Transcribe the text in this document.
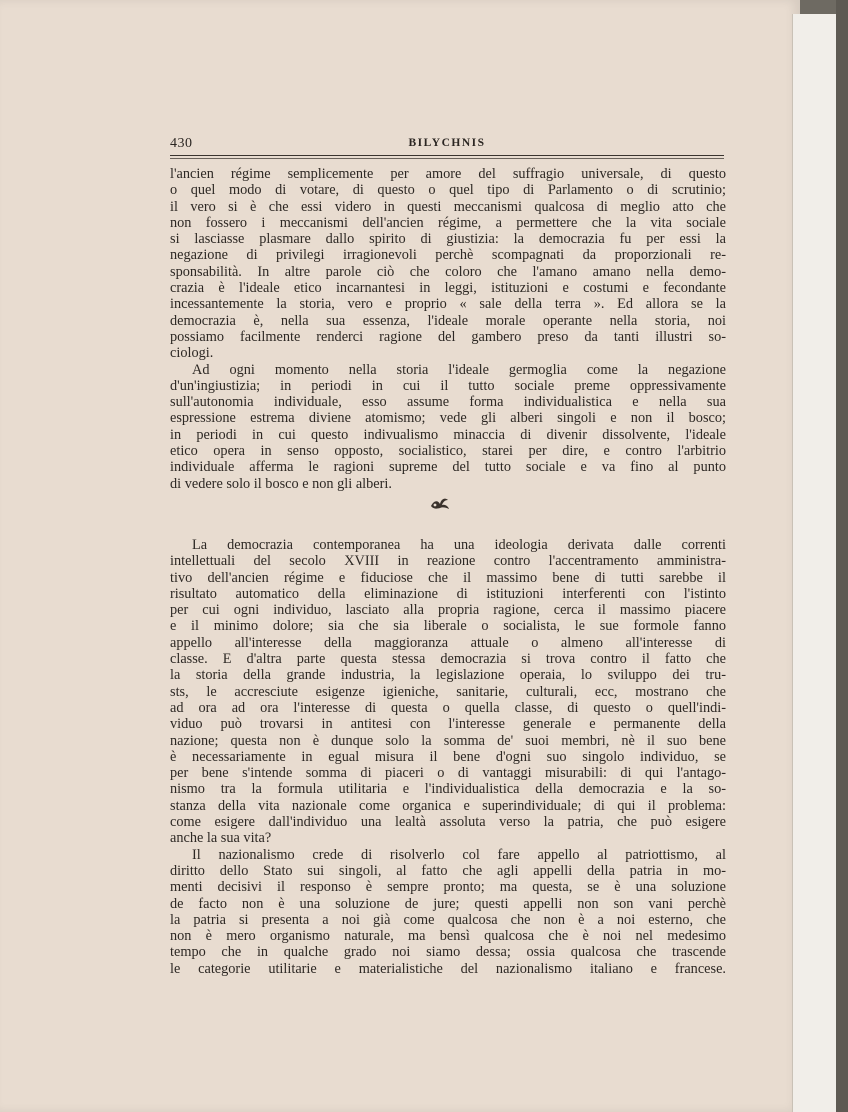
430	BILYCHNIS
l'ancien régime semplicemente per amore del suffragio universale, di questo
o quel modo di votare, di questo o quel tipo di Parlamento o di scrutinio;
il vero si è che essi videro in questi meccanismi qualcosa di meglio atto che
non fossero i meccanismi dell'ancien régime, a permettere che la vita sociale
si lasciasse plasmare dallo spirito di giustizia: la democrazia fu per essi la
negazione di privilegi irragionevoli perchè scompagnati da proporzionali re-
sponsabilità. In altre parole ciò che coloro che l'amano amano nella demo-
crazia è l'ideale etico incarnantesi in leggi, istituzioni e costumi e fecondante
incessantemente la storia, vero e proprio « sale della terra ». Ed allora se la
democrazia è, nella sua essenza, l'ideale morale operante nella storia, noi
possiamo facilmente renderci ragione del gambero preso da tanti illustri so-
ciologi.
Ad ogni momento nella storia l'ideale germoglia come la negazione
d'un'ingiustizia; in periodi in cui il tutto sociale preme oppressivamente
sull'autonomia individuale, esso assume forma individualistica e nella sua
espressione estrema diviene atomismo; vede gli alberi singoli e non il bosco;
in periodi in cui questo indivualismo minaccia di divenir dissolvente, l'ideale
etico opera in senso opposto, socialistico, starei per dire, e contro l'arbitrio
individuale afferma le ragioni supreme del tutto sociale e va fino al punto
di vedere solo il bosco e non gli alberi.
La democrazia contemporanea ha una ideologia derivata dalle correnti
intellettuali del secolo XVIII in reazione contro l'accentramento amministra-
tivo dell'ancien régime e fiduciose che il massimo bene di tutti sarebbe il
risultato automatico della eliminazione di istituzioni interferenti con l'istinto
per cui ogni individuo, lasciato alla propria ragione, cerca il massimo piacere
e il minimo dolore; sia che sia liberale o socialista, le sue formole fanno
appello all'interesse della maggioranza attuale o almeno all'interesse di
classe. E d'altra parte questa stessa democrazia si trova contro il fatto che
la storia della grande industria, la legislazione operaia, lo sviluppo dei tru-
sts, le accresciute esigenze igieniche, sanitarie, culturali, ecc, mostrano che
ad ora ad ora l'interesse di questa o quella classe, di questo o quell'indi-
viduo può trovarsi in antitesi con l'interesse generale e permanente della
nazione; questa non è dunque solo la somma de' suoi membri, nè il suo bene
è necessariamente in egual misura il bene d'ogni suo singolo individuo, se
per bene s'intende somma di piaceri o di vantaggi misurabili: di qui l'antago-
nismo tra la formula utilitaria e l'individualistica della democrazia e la so-
stanza della vita nazionale come organica e superindividuale; di qui il problema:
come esigere dall'individuo una lealtà assoluta verso la patria, che può esigere
anche la sua vita?
Il nazionalismo crede di risolverlo col fare appello al patriottismo, al
diritto dello Stato sui singoli, al fatto che agli appelli della patria in mo-
menti decisivi il responso è sempre pronto; ma questa, se è una soluzione
de facto non è una soluzione de jure; questi appelli non son vani perchè
la patria si presenta a noi già come qualcosa che non è a noi esterno, che
non è mero organismo naturale, ma bensì qualcosa che è noi nel medesimo
tempo che in qualche grado noi siamo dessa; ossia qualcosa che trascende
le categorie utilitarie e materialistiche del nazionalismo italiano e francese.
